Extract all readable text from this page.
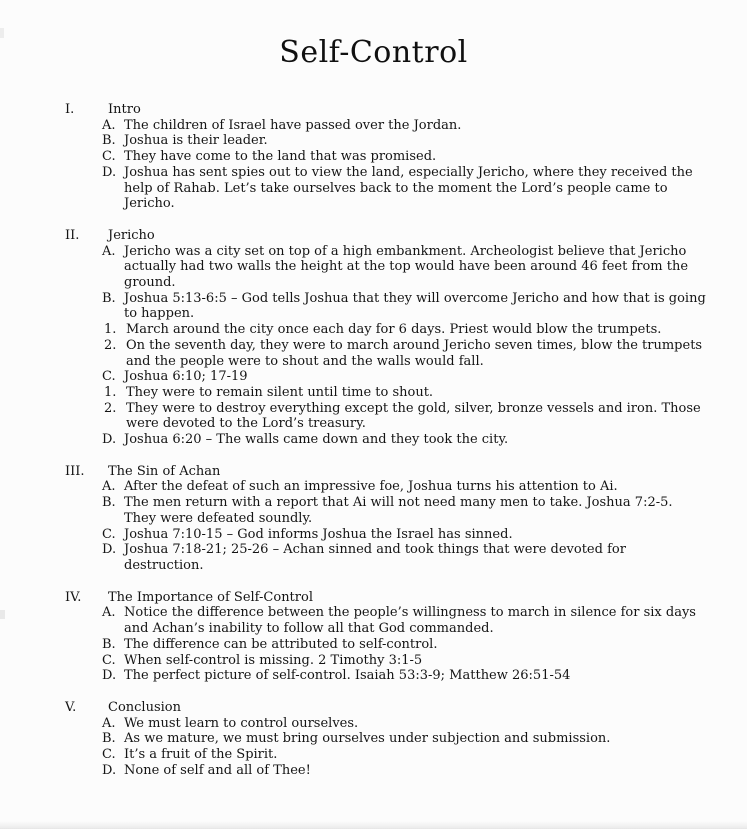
Self-Control
I.	Intro
A. The children of Israel have passed over the Jordan.
B. Joshua is their leader.
C. They have come to the land that was promised.
D. Joshua has sent spies out to view the land, especially Jericho, where they received the help of Rahab. Let’s take ourselves back to the moment the Lord’s people came to Jericho.
II.	Jericho
A. Jericho was a city set on top of a high embankment. Archeologist believe that Jericho actually had two walls the height at the top would have been around 46 feet from the ground.
B. Joshua 5:13-6:5 – God tells Joshua that they will overcome Jericho and how that is going to happen.
1. March around the city once each day for 6 days. Priest would blow the trumpets.
2. On the seventh day, they were to march around Jericho seven times, blow the trumpets and the people were to shout and the walls would fall.
C. Joshua 6:10; 17-19
1. They were to remain silent until time to shout.
2. They were to destroy everything except the gold, silver, bronze vessels and iron. Those were devoted to the Lord’s treasury.
D. Joshua 6:20 – The walls came down and they took the city.
III.	The Sin of Achan
A. After the defeat of such an impressive foe, Joshua turns his attention to Ai.
B. The men return with a report that Ai will not need many men to take. Joshua 7:2-5. They were defeated soundly.
C. Joshua 7:10-15 – God informs Joshua the Israel has sinned.
D. Joshua 7:18-21; 25-26 – Achan sinned and took things that were devoted for destruction.
IV.	The Importance of Self-Control
A. Notice the difference between the people’s willingness to march in silence for six days and Achan’s inability to follow all that God commanded.
B. The difference can be attributed to self-control.
C. When self-control is missing. 2 Timothy 3:1-5
D. The perfect picture of self-control. Isaiah 53:3-9; Matthew 26:51-54
V.	Conclusion
A. We must learn to control ourselves.
B. As we mature, we must bring ourselves under subjection and submission.
C. It’s a fruit of the Spirit.
D. None of self and all of Thee!
